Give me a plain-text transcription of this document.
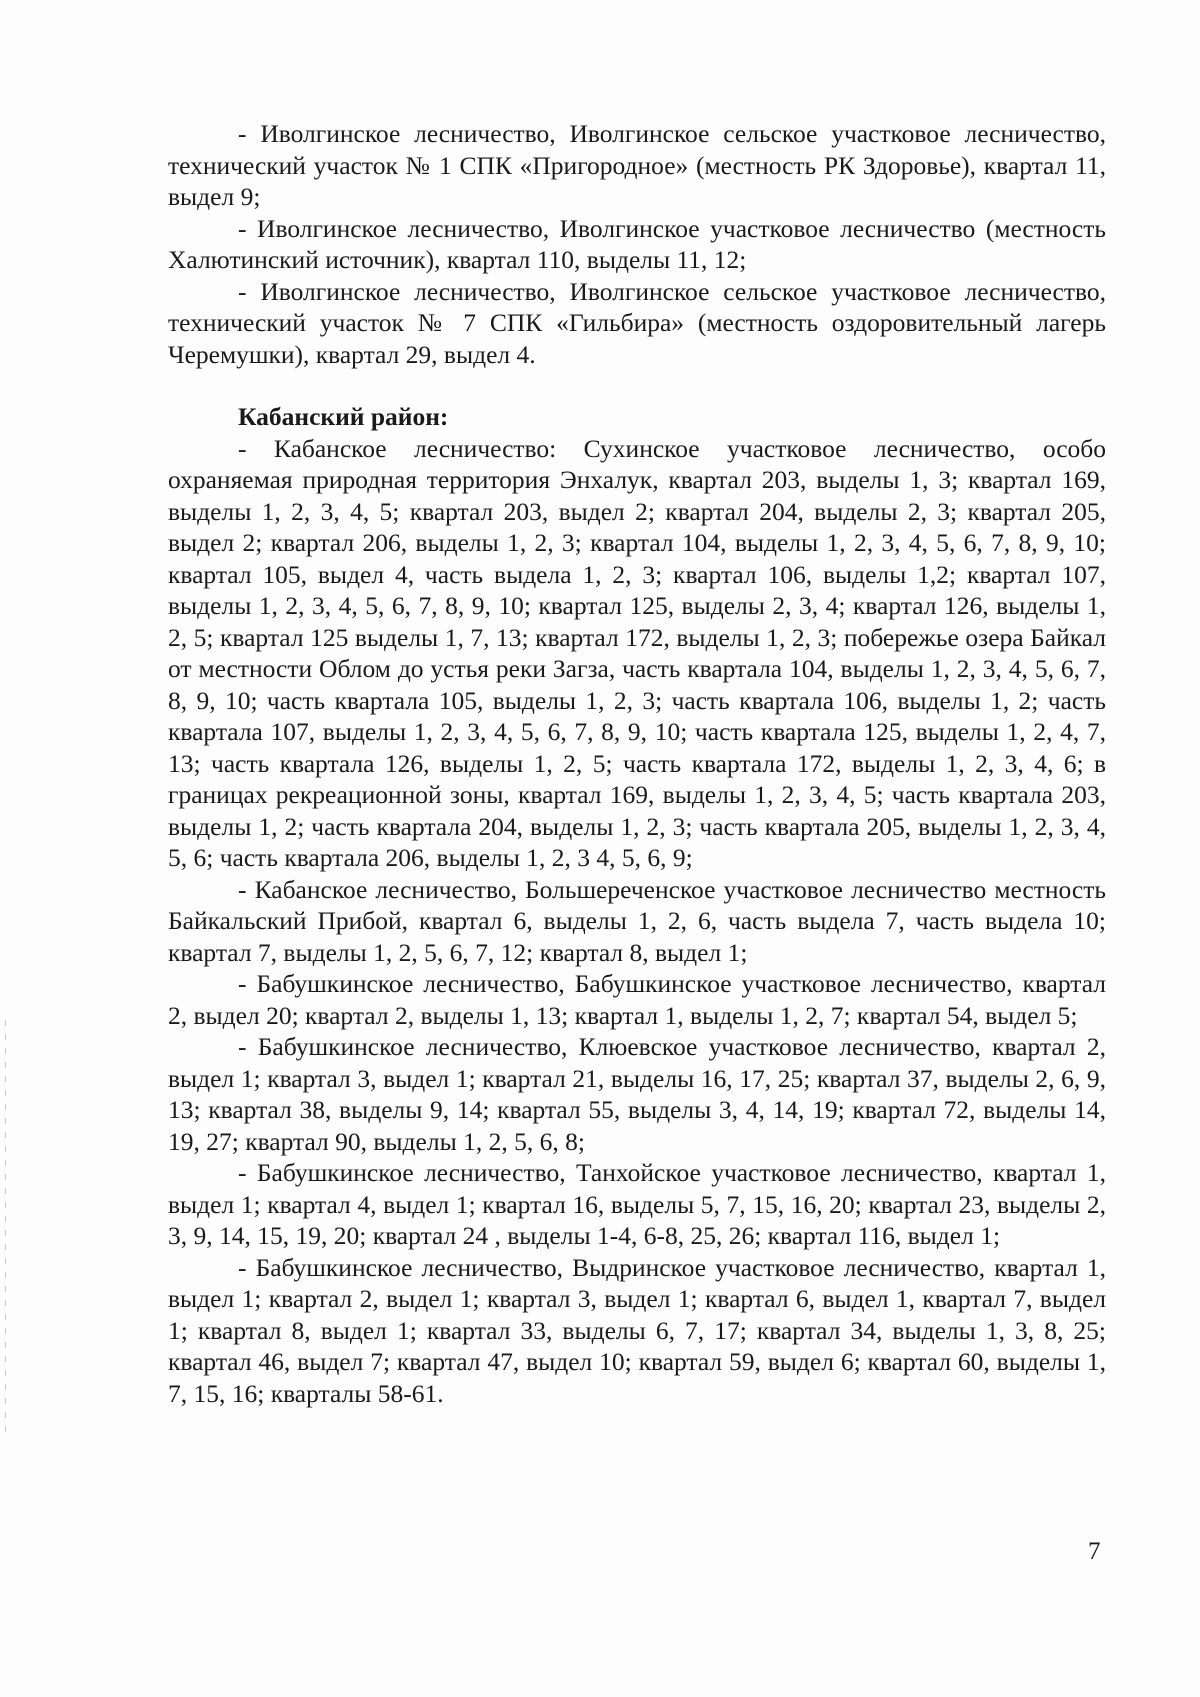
- Иволгинское лесничество, Иволгинское сельское участковое лесничество, технический участок № 1 СПК «Пригородное» (местность РК Здоровье), квартал 11, выдел 9;

- Иволгинское лесничество, Иволгинское участковое лесничество (местность Халютинский источник), квартал 110, выделы 11, 12;

- Иволгинское лесничество, Иволгинское сельское участковое лесничество, технический участок № 7 СПК «Гильбира» (местность оздоровительный лагерь Черемушки), квартал 29, выдел 4.

Кабанский район:

- Кабанское лесничество: Сухинское участковое лесничество, особо охраняемая природная территория Энхалук, квартал 203, выделы 1, 3; квартал 169, выделы 1, 2, 3, 4, 5; квартал 203, выдел 2; квартал 204, выделы 2, 3; квартал 205, выдел 2; квартал 206, выделы 1, 2, 3; квартал 104, выделы 1, 2, 3, 4, 5, 6, 7, 8, 9, 10; квартал 105, выдел 4, часть выдела 1, 2, 3; квартал 106, выделы 1,2; квартал 107, выделы 1, 2, 3, 4, 5, 6, 7, 8, 9, 10; квартал 125, выделы 2, 3, 4; квартал 126, выделы 1, 2, 5; квартал 125 выделы 1, 7, 13; квартал 172, выделы 1, 2, 3; побережье озера Байкал от местности Облом до устья реки Загза, часть квартала 104, выделы 1, 2, 3, 4, 5, 6, 7, 8, 9, 10; часть квартала 105, выделы 1, 2, 3; часть квартала 106, выделы 1, 2; часть квартала 107, выделы 1, 2, 3, 4, 5, 6, 7, 8, 9, 10; часть квартала 125, выделы 1, 2, 4, 7, 13; часть квартала 126, выделы 1, 2, 5; часть квартала 172, выделы 1, 2, 3, 4, 6; в границах рекреационной зоны, квартал 169, выделы 1, 2, 3, 4, 5; часть квартала 203, выделы 1, 2; часть квартала 204, выделы 1, 2, 3; часть квартала 205, выделы 1, 2, 3, 4, 5, 6; часть квартала 206, выделы 1, 2, 3 4, 5, 6, 9;

- Кабанское лесничество, Большереченское участковое лесничество местность Байкальский Прибой, квартал 6, выделы 1, 2, 6, часть выдела 7, часть выдела 10; квартал 7, выделы 1, 2, 5, 6, 7, 12; квартал 8, выдел 1;

- Бабушкинское лесничество, Бабушкинское участковое лесничество, квартал 2, выдел 20; квартал 2, выделы 1, 13; квартал 1, выделы 1, 2, 7; квартал 54, выдел 5;

- Бабушкинское лесничество, Клюевское участковое лесничество, квартал 2, выдел 1; квартал 3, выдел 1; квартал 21, выделы 16, 17, 25; квартал 37, выделы 2, 6, 9, 13; квартал 38, выделы 9, 14; квартал 55, выделы 3, 4, 14, 19; квартал 72, выделы 14, 19, 27; квартал 90, выделы 1, 2, 5, 6, 8;

- Бабушкинское лесничество, Танхойское участковое лесничество, квартал 1, выдел 1; квартал 4, выдел 1; квартал 16, выделы 5, 7, 15, 16, 20; квартал 23, выделы 2, 3, 9, 14, 15, 19, 20; квартал 24 , выделы 1-4, 6-8, 25, 26; квартал 116, выдел 1;

- Бабушкинское лесничество, Выдринское участковое лесничество, квартал 1, выдел 1; квартал 2, выдел 1; квартал 3, выдел 1; квартал 6, выдел 1, квартал 7, выдел 1; квартал 8, выдел 1; квартал 33, выделы 6, 7, 17; квартал 34, выделы 1, 3, 8, 25; квартал 46, выдел 7; квартал 47, выдел 10; квартал 59, выдел 6; квартал 60, выделы 1, 7, 15, 16; кварталы 58-61.

7
